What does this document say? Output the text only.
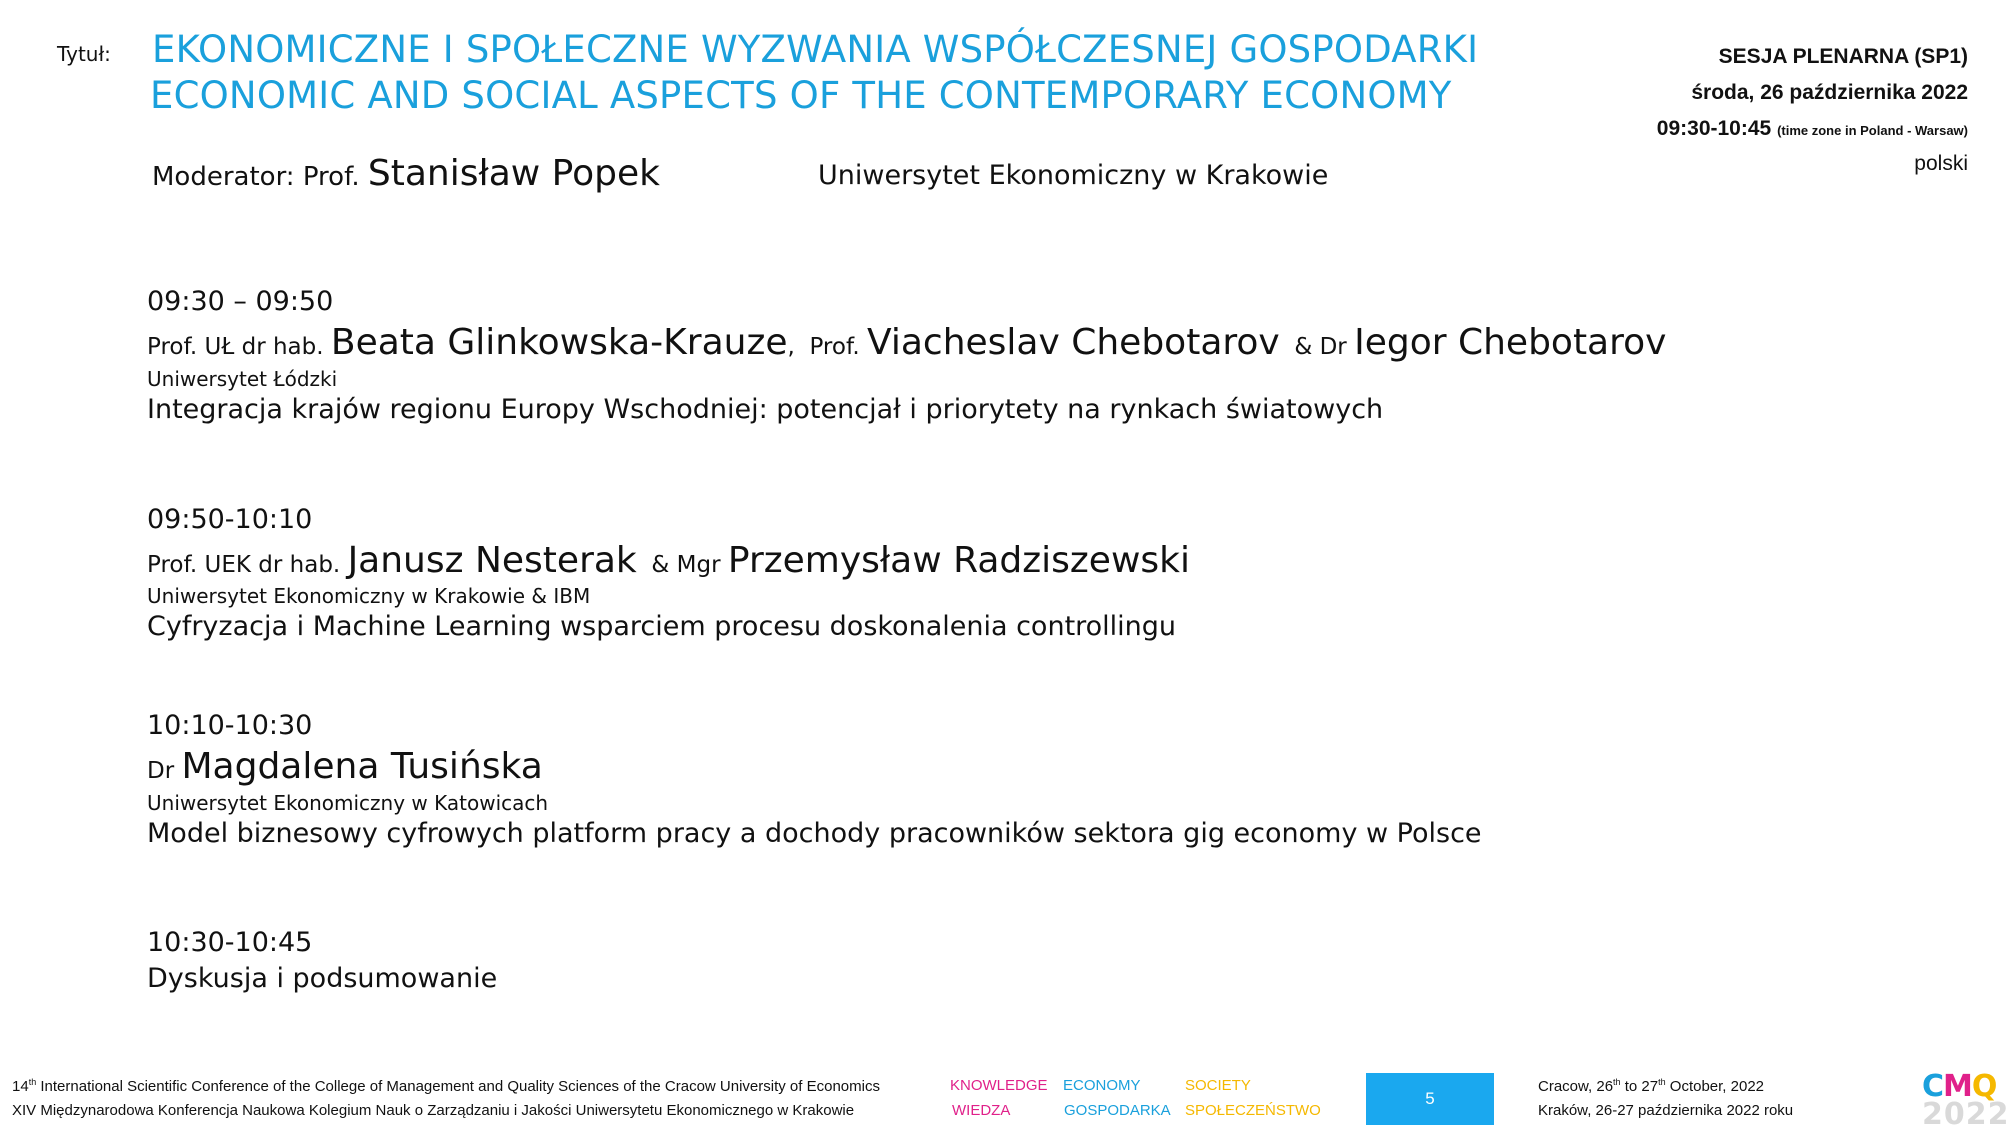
Tytuł: EKONOMICZNE I SPOŁECZNE WYZWANIA WSPÓŁCZESNEJ GOSPODARKI
ECONOMIC AND SOCIAL ASPECTS OF THE CONTEMPORARY ECONOMY
SESJA PLENARNA (SP1)
środa, 26 października 2022
09:30-10:45 (time zone in Poland - Warsaw)
polski
Moderator: Prof. Stanisław Popek	Uniwersytet Ekonomiczny w Krakowie
09:30 – 09:50
Prof. UŁ dr hab. Beata Glinkowska-Krauze, Prof. Viacheslav Chebotarov & Dr Iegor Chebotarov
Uniwersytet Łódzki
Integracja krajów regionu Europy Wschodniej: potencjał i priorytety na rynkach światowych
09:50-10:10
Prof. UEK dr hab. Janusz Nesterak & Mgr Przemysław Radziszewski
Uniwersytet Ekonomiczny w Krakowie & IBM
Cyfryzacja i Machine Learning wsparciem procesu doskonalenia controllingu
10:10-10:30
Dr Magdalena Tusińska
Uniwersytet Ekonomiczny w Katowicach
Model biznesowy cyfrowych platform pracy a dochody pracowników sektora gig economy w Polsce
10:30-10:45
Dyskusja i podsumowanie
14th International Scientific Conference of the College of Management and Quality Sciences of the Cracow University of Economics
XIV Międzynarodowa Konferencja Naukowa Kolegium Nauk o Zarządzaniu i Jakości Uniwersytetu Ekonomicznego w Krakowie
KNOWLEDGE ECONOMY	SOCIETY
WIEDZA	GOSPODARKA SPOŁECZEŃSTWO
5
Cracow, 26th to 27th October, 2022
Kraków, 26-27 października 2022 roku
CMQ
2022
